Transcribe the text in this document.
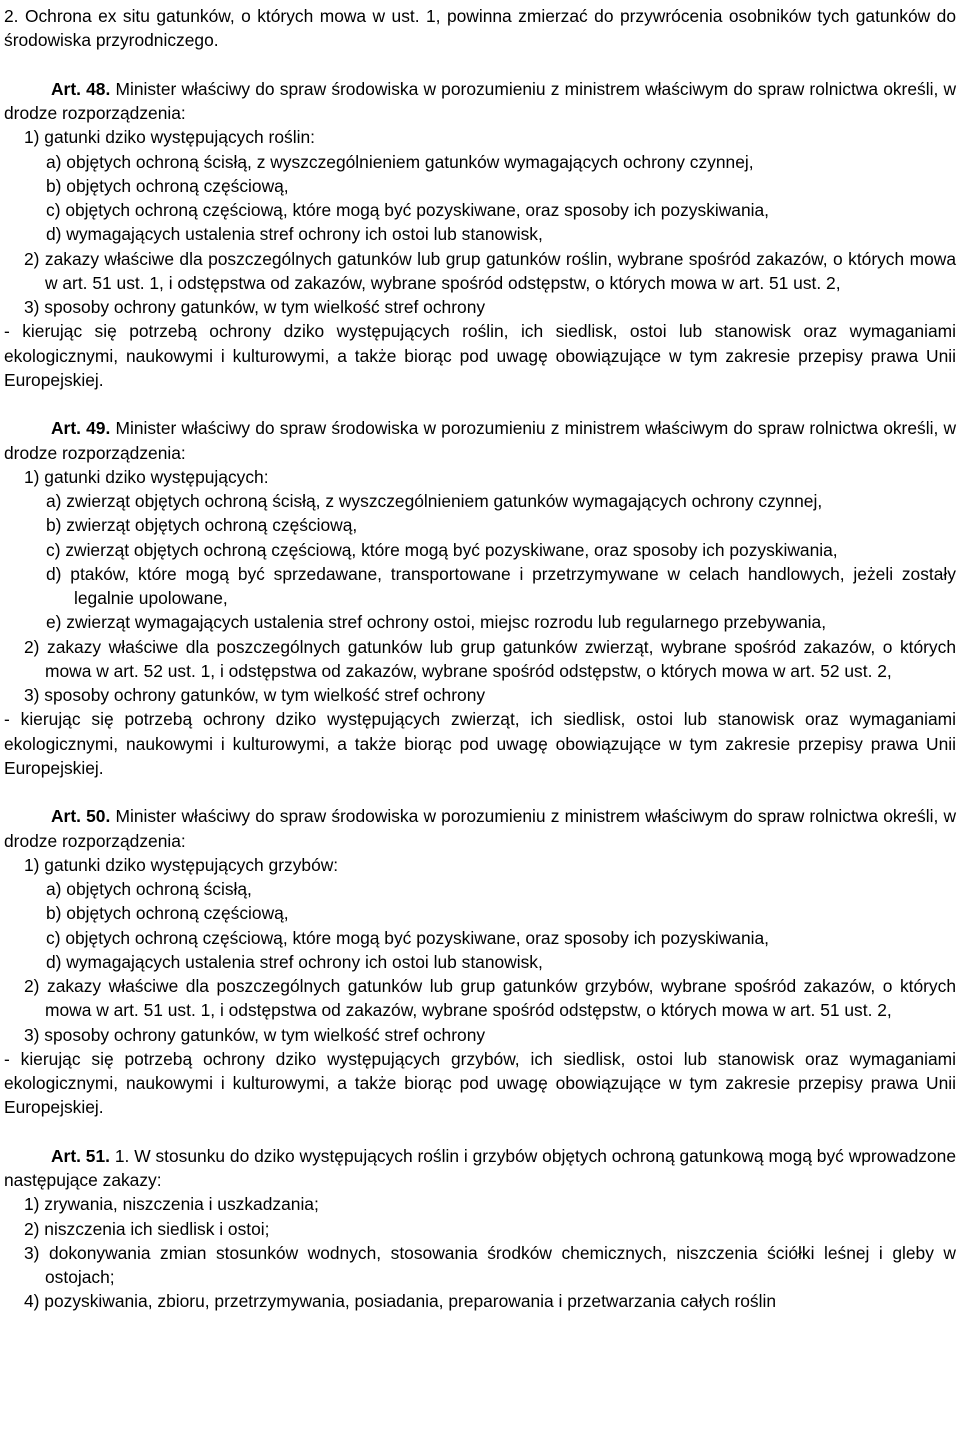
2. Ochrona ex situ gatunków, o których mowa w ust. 1, powinna zmierzać do przywrócenia osobników tych gatunków do środowiska przyrodniczego.

Art. 48. Minister właściwy do spraw środowiska w porozumieniu z ministrem właściwym do spraw rolnictwa określi, w drodze rozporządzenia:

1) gatunki dziko występujących roślin:

a) objętych ochroną ścisłą, z wyszczególnieniem gatunków wymagających ochrony czynnej,

b) objętych ochroną częściową,

c) objętych ochroną częściową, które mogą być pozyskiwane, oraz sposoby ich pozyskiwania,

d) wymagających ustalenia stref ochrony ich ostoi lub stanowisk,

2) zakazy właściwe dla poszczególnych gatunków lub grup gatunków roślin, wybrane spośród zakazów, o których mowa w art. 51 ust. 1, i odstępstwa od zakazów, wybrane spośród odstępstw, o których mowa w art. 51 ust. 2,

3) sposoby ochrony gatunków, w tym wielkość stref ochrony

- kierując się potrzebą ochrony dziko występujących roślin, ich siedlisk, ostoi lub stanowisk oraz wymaganiami ekologicznymi, naukowymi i kulturowymi, a także biorąc pod uwagę obowiązujące w tym zakresie przepisy prawa Unii Europejskiej.

Art. 49. Minister właściwy do spraw środowiska w porozumieniu z ministrem właściwym do spraw rolnictwa określi, w drodze rozporządzenia:

1) gatunki dziko występujących:

a) zwierząt objętych ochroną ścisłą, z wyszczególnieniem gatunków wymagających ochrony czynnej,

b) zwierząt objętych ochroną częściową,

c) zwierząt objętych ochroną częściową, które mogą być pozyskiwane, oraz sposoby ich pozyskiwania,

d) ptaków, które mogą być sprzedawane, transportowane i przetrzymywane w celach handlowych, jeżeli zostały legalnie upolowane,

e) zwierząt wymagających ustalenia stref ochrony ostoi, miejsc rozrodu lub regularnego przebywania,

2) zakazy właściwe dla poszczególnych gatunków lub grup gatunków zwierząt, wybrane spośród zakazów, o których mowa w art. 52 ust. 1, i odstępstwa od zakazów, wybrane spośród odstępstw, o których mowa w art. 52 ust. 2,

3) sposoby ochrony gatunków, w tym wielkość stref ochrony

- kierując się potrzebą ochrony dziko występujących zwierząt, ich siedlisk, ostoi lub stanowisk oraz wymaganiami ekologicznymi, naukowymi i kulturowymi, a także biorąc pod uwagę obowiązujące w tym zakresie przepisy prawa Unii Europejskiej.

Art. 50. Minister właściwy do spraw środowiska w porozumieniu z ministrem właściwym do spraw rolnictwa określi, w drodze rozporządzenia:

1) gatunki dziko występujących grzybów:

a) objętych ochroną ścisłą,

b) objętych ochroną częściową,

c) objętych ochroną częściową, które mogą być pozyskiwane, oraz sposoby ich pozyskiwania,

d) wymagających ustalenia stref ochrony ich ostoi lub stanowisk,

2) zakazy właściwe dla poszczególnych gatunków lub grup gatunków grzybów, wybrane spośród zakazów, o których mowa w art. 51 ust. 1, i odstępstwa od zakazów, wybrane spośród odstępstw, o których mowa w art. 51 ust. 2,

3) sposoby ochrony gatunków, w tym wielkość stref ochrony

- kierując się potrzebą ochrony dziko występujących grzybów, ich siedlisk, ostoi lub stanowisk oraz wymaganiami ekologicznymi, naukowymi i kulturowymi, a także biorąc pod uwagę obowiązujące w tym zakresie przepisy prawa Unii Europejskiej.

Art. 51. 1. W stosunku do dziko występujących roślin i grzybów objętych ochroną gatunkową mogą być wprowadzone następujące zakazy:

1) zrywania, niszczenia i uszkadzania;

2) niszczenia ich siedlisk i ostoi;

3) dokonywania zmian stosunków wodnych, stosowania środków chemicznych, niszczenia ściółki leśnej i gleby w ostojach;

4) pozyskiwania, zbioru, przetrzymywania, posiadania, preparowania i przetwarzania całych roślin
